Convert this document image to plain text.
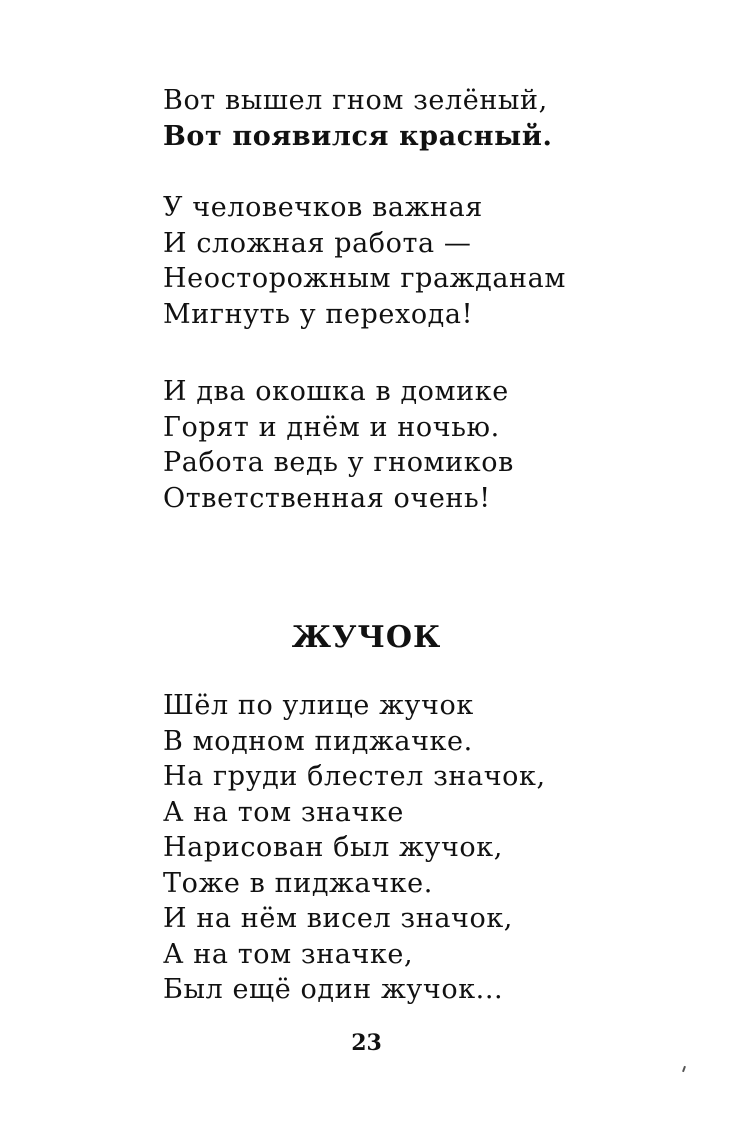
Вот вышел гном зелёный,
Вот появился красный.
У человечков важная
И сложная работа —
Неосторожным гражданам
Мигнуть у перехода!
И два окошка в домике
Горят и днём и ночью.
Работа ведь у гномиков
Ответственная очень!
ЖУЧОК
Шёл по улице жучок
В модном пиджачке.
На груди блестел значок,
А на том значке
Нарисован был жучок,
Тоже в пиджачке.
И на нём висел значок,
А на том значке,
Был ещё один жучок...
23
